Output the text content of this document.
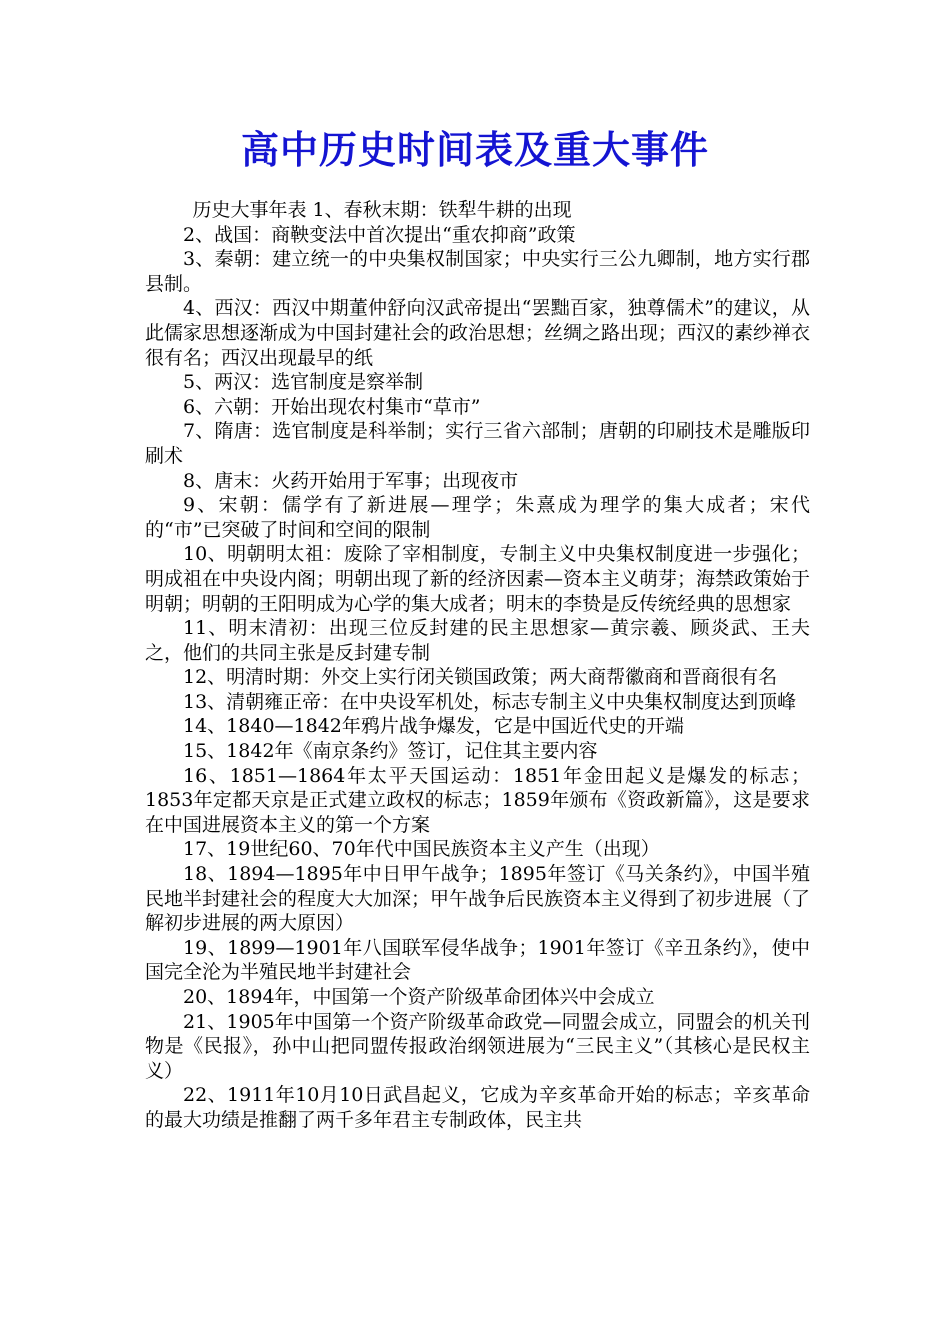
高中历史时间表及重大事件

历史大事年表 1、春秋末期：铁犁牛耕的出现

2、战国：商鞅变法中首次提出“重农抑商”政策

3、秦朝：建立统一的中央集权制国家；中央实行三公九卿制，地方实行郡县制。

4、西汉：西汉中期董仲舒向汉武帝提出“罢黜百家，独尊儒术”的建议，从此儒家思想逐渐成为中国封建社会的政治思想；丝绸之路出现；西汉的素纱禅衣很有名；西汉出现最早的纸

5、两汉：选官制度是察举制

6、六朝：开始出现农村集市“草市”

7、隋唐：选官制度是科举制；实行三省六部制；唐朝的印刷技术是雕版印刷术

8、唐末：火药开始用于军事；出现夜市

9、宋朝：儒学有了新进展—理学；朱熹成为理学的集大成者；宋代的“市”已突破了时间和空间的限制

10、明朝明太祖：废除了宰相制度，专制主义中央集权制度进一步强化；明成祖在中央设内阁；明朝出现了新的经济因素—资本主义萌芽；海禁政策始于明朝；明朝的王阳明成为心学的集大成者；明末的李贽是反传统经典的思想家

11、明末清初：出现三位反封建的民主思想家—黄宗羲、顾炎武、王夫之，他们的共同主张是反封建专制

12、明清时期：外交上实行闭关锁国政策；两大商帮徽商和晋商很有名

13、清朝雍正帝：在中央设军机处，标志专制主义中央集权制度达到顶峰

14、1840—1842年鸦片战争爆发，它是中国近代史的开端

15、1842年《南京条约》签订，记住其主要内容

16、1851—1864年太平天国运动：1851年金田起义是爆发的标志；1853年定都天京是正式建立政权的标志；1859年颁布《资政新篇》，这是要求在中国进展资本主义的第一个方案

17、19世纪60、70年代中国民族资本主义产生（出现）

18、1894—1895年中日甲午战争；1895年签订《马关条约》，中国半殖民地半封建社会的程度大大加深；甲午战争后民族资本主义得到了初步进展（了解初步进展的两大原因）

19、1899—1901年八国联军侵华战争；1901年签订《辛丑条约》，使中国完全沦为半殖民地半封建社会

20、1894年，中国第一个资产阶级革命团体兴中会成立

21、1905年中国第一个资产阶级革命政党—同盟会成立，同盟会的机关刊物是《民报》，孙中山把同盟传报政治纲领进展为“三民主义”（其核心是民权主义）

22、1911年10月10日武昌起义，它成为辛亥革命开始的标志；辛亥革命的最大功绩是推翻了两千多年君主专制政体，民主共
